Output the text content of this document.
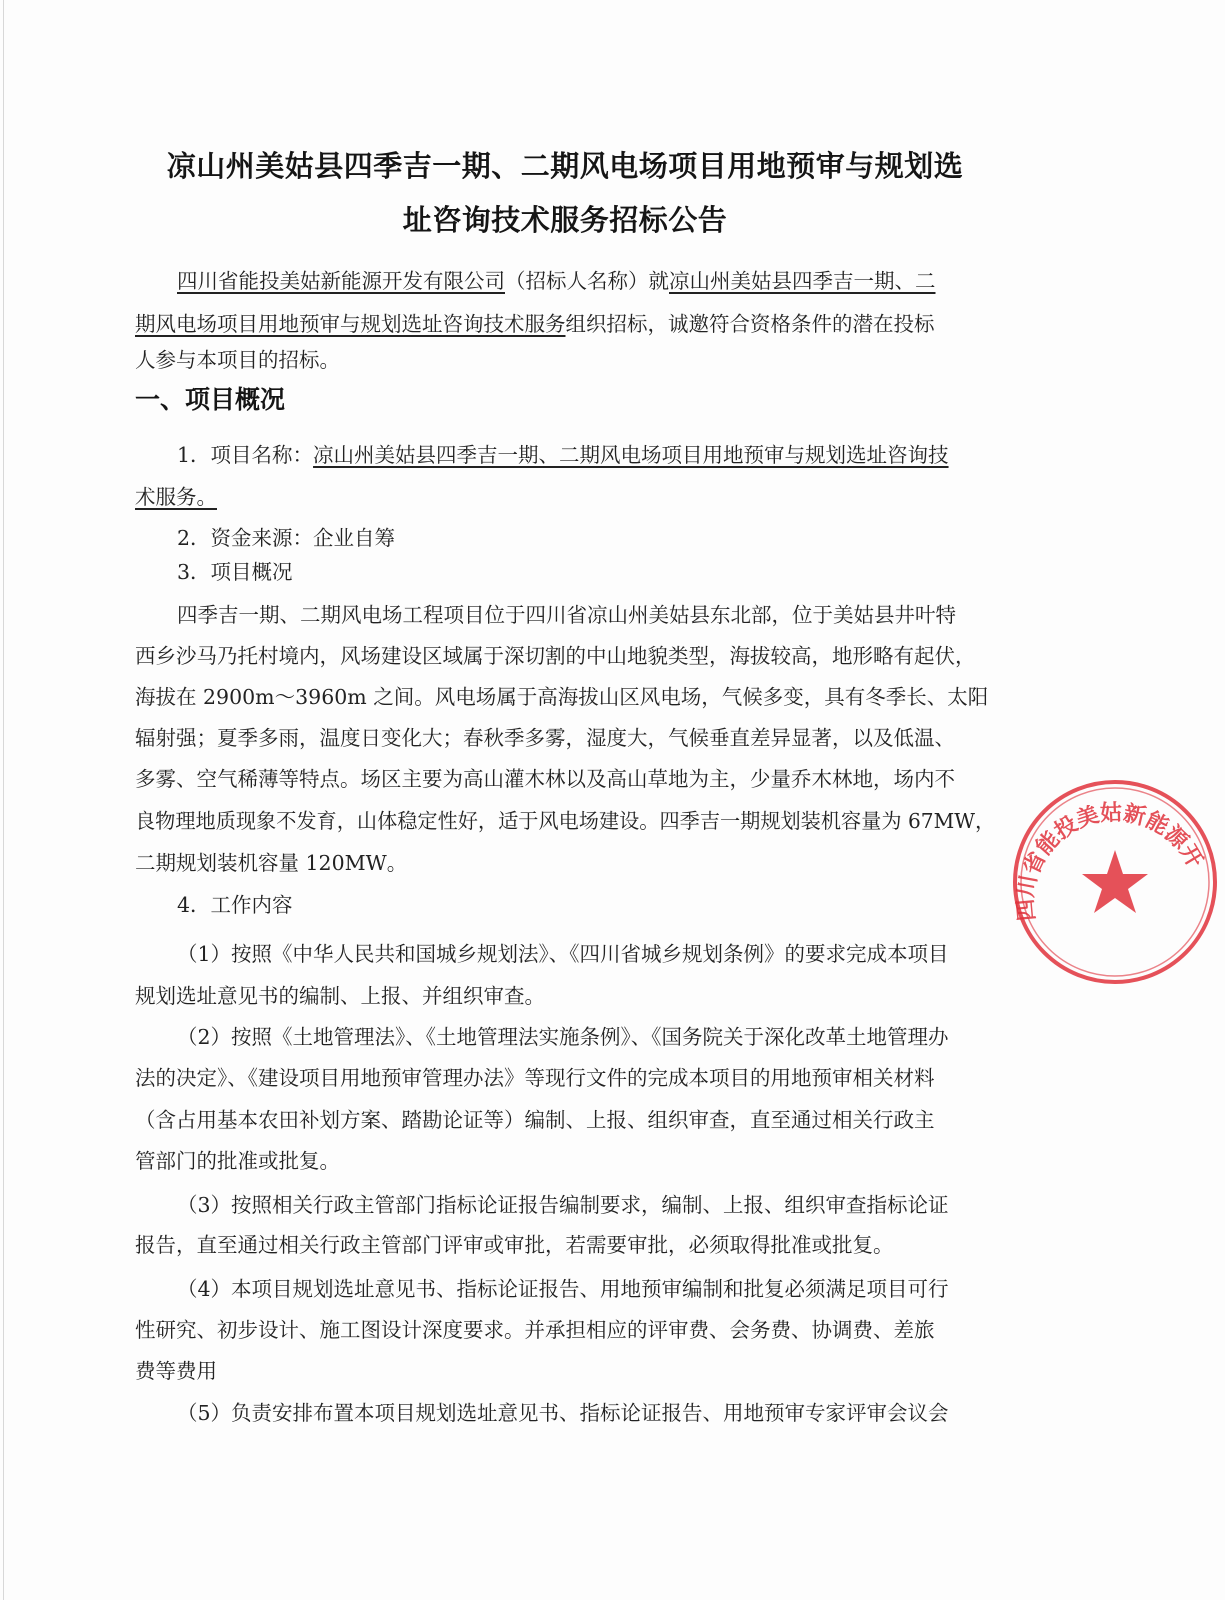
凉山州美姑县四季吉一期、二期风电场项目用地预审与规划选
址咨询技术服务招标公告
四川省能投美姑新能源开发有限公司（招标人名称）就凉山州美姑县四季吉一期、二
期风电场项目用地预审与规划选址咨询技术服务组织招标，诚邀符合资格条件的潜在投标
人参与本项目的招标。
一、项目概况
1．项目名称：凉山州美姑县四季吉一期、二期风电场项目用地预审与规划选址咨询技
术服务。
2．资金来源：企业自筹
3．项目概况
四季吉一期、二期风电场工程项目位于四川省凉山州美姑县东北部，位于美姑县井叶特
西乡沙马乃托村境内，风场建设区域属于深切割的中山地貌类型，海拔较高，地形略有起伏，
海拔在 2900m～3960m 之间。风电场属于高海拔山区风电场，气候多变，具有冬季长、太阳
辐射强；夏季多雨，温度日变化大；春秋季多雾，湿度大，气候垂直差异显著，以及低温、
多雾、空气稀薄等特点。场区主要为高山灌木林以及高山草地为主，少量乔木林地，场内不
良物理地质现象不发育，山体稳定性好，适于风电场建设。四季吉一期规划装机容量为 67MW，
二期规划装机容量 120MW。
4．工作内容
（1）按照《中华人民共和国城乡规划法》、《四川省城乡规划条例》的要求完成本项目
规划选址意见书的编制、上报、并组织审查。
（2）按照《土地管理法》、《土地管理法实施条例》、《国务院关于深化改革土地管理办
法的决定》、《建设项目用地预审管理办法》等现行文件的完成本项目的用地预审相关材料
（含占用基本农田补划方案、踏勘论证等）编制、上报、组织审查，直至通过相关行政主
管部门的批准或批复。
（3）按照相关行政主管部门指标论证报告编制要求，编制、上报、组织审查指标论证
报告，直至通过相关行政主管部门评审或审批，若需要审批，必须取得批准或批复。
（4）本项目规划选址意见书、指标论证报告、用地预审编制和批复必须满足项目可行
性研究、初步设计、施工图设计深度要求。并承担相应的评审费、会务费、协调费、差旅
费等费用
（5）负责安排布置本项目规划选址意见书、指标论证报告、用地预审专家评审会议会
四川省能投美姑新能源开
